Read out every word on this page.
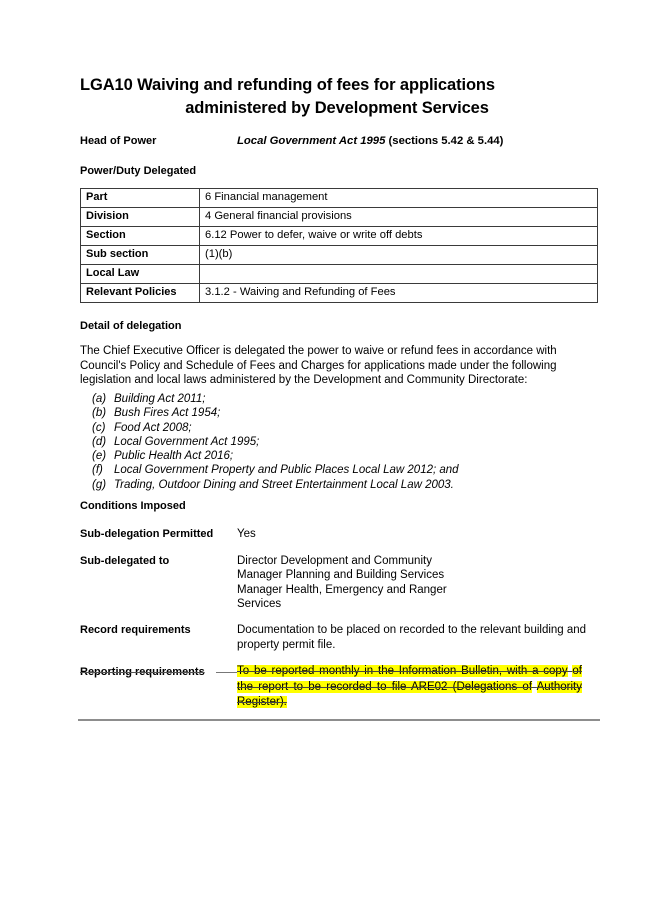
LGA10 Waiving and refunding of fees for applications
administered by Development Services
Head of Power	Local Government Act 1995 (sections 5.42 & 5.44)
Power/Duty Delegated
Part	6 Financial management
Division	4 General financial provisions
Section	6.12 Power to defer, waive or write off debts
Sub section	(1)(b)
Local Law	
Relevant Policies	3.1.2 - Waiving and Refunding of Fees
Detail of delegation
The Chief Executive Officer is delegated the power to waive or refund fees in accordance with Council's Policy and Schedule of Fees and Charges for applications made under the following legislation and local laws administered by the Development and Community Directorate:
(a) Building Act 2011;
(b) Bush Fires Act 1954;
(c) Food Act 2008;
(d) Local Government Act 1995;
(e) Public Health Act 2016;
(f) Local Government Property and Public Places Local Law 2012; and
(g) Trading, Outdoor Dining and Street Entertainment Local Law 2003.
Conditions Imposed
Sub-delegation Permitted Yes
Sub-delegated to	Director Development and Community
Manager Planning and Building Services
Manager Health, Emergency and Ranger
Services
Record requirements	Documentation to be placed on recorded to the relevant building and property permit file.
Reporting requirements	To be reported monthly in the Information Bulletin, with a copy of the report to be recorded to file ARE02 (Delegations of Authority Register).
